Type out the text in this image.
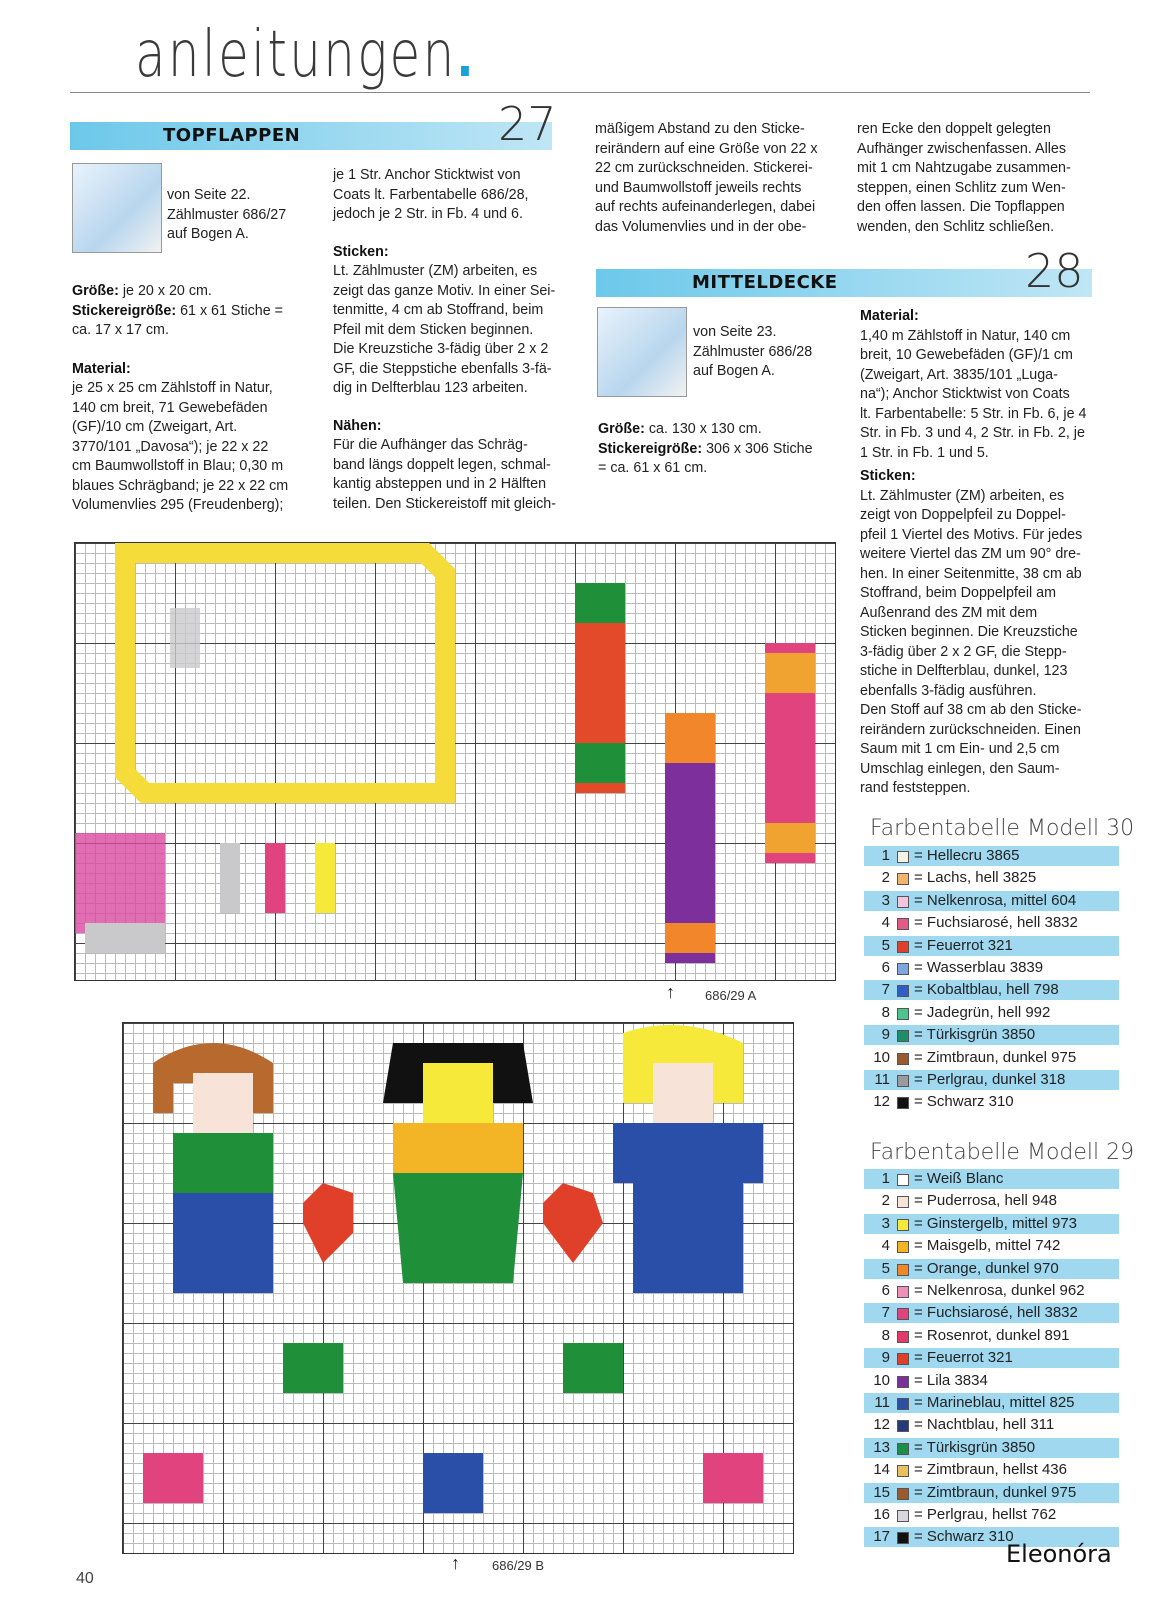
anleitungen
TOPFLAPPEN	27

von Seite 22.

Zählmuster 686/27

auf Bogen A.

Größe: je 20 x 20 cm.

Stickereigröße: 61 x 61 Stiche =

ca. 17 x 17 cm.

Material:

je 25 x 25 cm Zählstoff in Natur,

140 cm breit, 71 Gewebefäden

(GF)/10 cm (Zweigart, Art.

3770/101 „Davosa“); je 22 x 22

cm Baumwollstoff in Blau; 0,30 m

blaues Schrägband; je 22 x 22 cm

Volumenvlies 295 (Freudenberg);

je 1 Str. Anchor Sticktwist von

Coats lt. Farbentabelle 686/28,

jedoch je 2 Str. in Fb. 4 und 6.

Sticken:

Lt. Zählmuster (ZM) arbeiten, es

zeigt das ganze Motiv. In einer Sei-

tenmitte, 4 cm ab Stoffrand, beim

Pfeil mit dem Sticken beginnen.

Die Kreuzstiche 3-fädig über 2 x 2

GF, die Steppstiche ebenfalls 3-fä-

dig in Delfterblau 123 arbeiten.

Nähen:

Für die Aufhänger das Schräg-

band längs doppelt legen, schmal-

kantig absteppen und in 2 Hälften

teilen. Den Stickereistoff mit gleich-

mäßigem Abstand zu den Sticke-

reirändern auf eine Größe von 22 x

22 cm zurückschneiden. Stickerei-

und Baumwollstoff jeweils rechts

auf rechts aufeinanderlegen, dabei

das Volumenvlies und in der obe-

ren Ecke den doppelt gelegten

Aufhänger zwischenfassen. Alles

mit 1 cm Nahtzugabe zusammen-

steppen, einen Schlitz zum Wen-

den offen lassen. Die Topflappen

wenden, den Schlitz schließen.

MITTELDECKE	28

von Seite 23.

Zählmuster 686/28

auf Bogen A.

Größe: ca. 130 x 130 cm.

Stickereigröße: 306 x 306 Stiche

= ca. 61 x 61 cm.

Material:

1,40 m Zählstoff in Natur, 140 cm

breit, 10 Gewebefäden (GF)/1 cm

(Zweigart, Art. 3835/101 „Luga-

na“); Anchor Sticktwist von Coats

lt. Farbentabelle: 5 Str. in Fb. 6, je 4

Str. in Fb. 3 und 4, 2 Str. in Fb. 2, je

1 Str. in Fb. 1 und 5.

Sticken:

Lt. Zählmuster (ZM) arbeiten, es

zeigt von Doppelpfeil zu Doppel-

pfeil 1 Viertel des Motivs. Für jedes

weitere Viertel das ZM um 90° dre-

hen. In einer Seitenmitte, 38 cm ab

Stoffrand, beim Doppelpfeil am

Außenrand des ZM mit dem

Sticken beginnen. Die Kreuzstiche

3-fädig über 2 x 2 GF, die Stepp-

stiche in Delfterblau, dunkel, 123

ebenfalls 3-fädig ausführen.

Den Stoff auf 38 cm ab den Sticke-

reirändern zurückschneiden. Einen

Saum mit 1 cm Ein- und 2,5 cm

Umschlag einlegen, den Saum-

rand feststeppen.

↑ 686/29 A
↑ 686/29 B
Farbentabelle Modell 30
1 = Hellecru 3865
2 = Lachs, hell 3825
3 = Nelkenrosa, mittel 604
4 = Fuchsiarosé, hell 3832
5 = Feuerrot 321
6 = Wasserblau 3839
7 = Kobaltblau, hell 798
8 = Jadegrün, hell 992
9 = Türkisgrün 3850
10 = Zimtbraun, dunkel 975
11 = Perlgrau, dunkel 318
12 = Schwarz 310
Farbentabelle Modell 29
1 = Weiß Blanc
2 = Puderrosa, hell 948
3 = Ginstergelb, mittel 973
4 = Maisgelb, mittel 742
5 = Orange, dunkel 970
6 = Nelkenrosa, dunkel 962
7 = Fuchsiarosé, hell 3832
8 = Rosenrot, dunkel 891
9 = Feuerrot 321
10 = Lila 3834
11 = Marineblau, mittel 825
12 = Nachtblau, hell 311
13 = Türkisgrün 3850
14 = Zimtbraun, hellst 436
15 = Zimtbraun, dunkel 975
16 = Perlgrau, hellst 762
17 = Schwarz 310
40
Eleonóra
